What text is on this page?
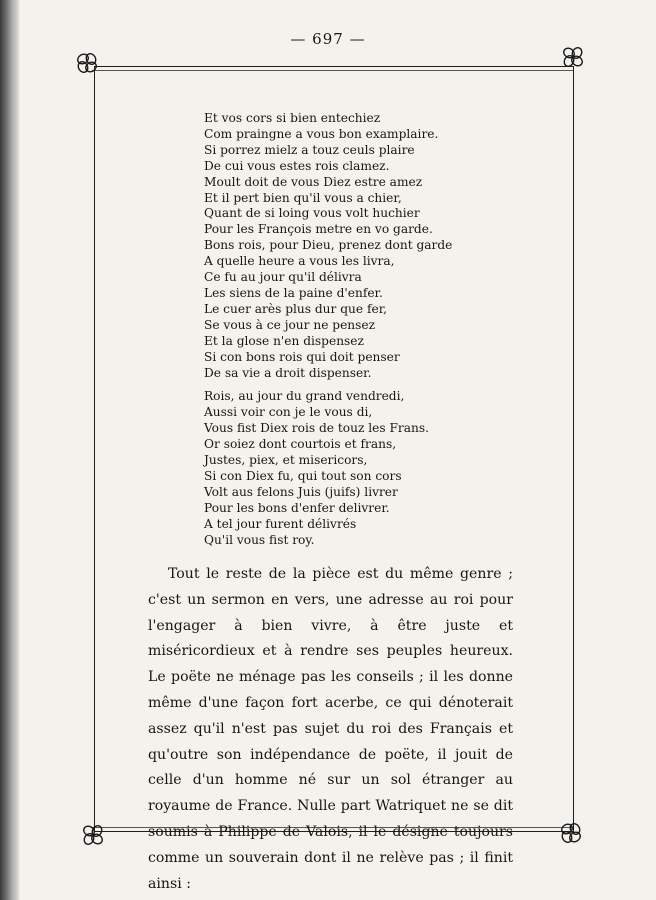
— 697 —
Et vos cors si bien entechiez
Com praingne a vous bon examplaire.
Si porrez mielz a touz ceuls plaire
De cui vous estes rois clamez.
Moult doit de vous Diez estre amez
Et il pert bien qu'il vous a chier,
Quant de si loing vous volt huchier
Pour les François metre en vo garde.
Bons rois, pour Dieu, prenez dont garde
A quelle heure a vous les livra,
Ce fu au jour qu'il délivra
Les siens de la paine d'enfer.
Le cuer arès plus dur que fer,
Se vous à ce jour ne pensez
Et la glose n'en dispensez
Si con bons rois qui doit penser
De sa vie a droit dispenser.
Rois, au jour du grand vendredi,
Aussi voir con je le vous di,
Vous fist Diex rois de touz les Frans.
Or soiez dont courtois et frans,
Justes, piex, et misericors,
Si con Diex fu, qui tout son cors
Volt aus felons Juis (juifs) livrer
Pour les bons d'enfer delivrer.
A tel jour furent délivrés
Qu'il vous fist roy.

Tout le reste de la pièce est du même genre ; c'est un sermon en vers, une adresse au roi pour l'engager à bien vivre, à être juste et miséricordieux et à rendre ses peuples heureux. Le poëte ne ménage pas les conseils ; il les donne même d'une façon fort acerbe, ce qui dénoterait assez qu'il n'est pas sujet du roi des Français et qu'outre son indépendance de poëte, il jouit de celle d'un homme né sur un sol étranger au royaume de France. Nulle part Watriquet ne se dit soumis à Philippe de Valois, il le désigne toujours comme un souverain dont il ne relève pas ; il finit ainsi :
